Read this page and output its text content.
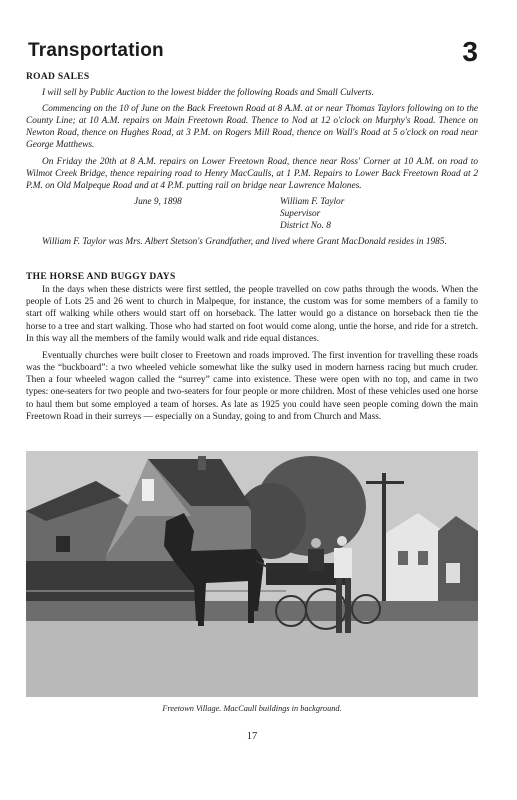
Transportation	3

ROAD SALES

I will sell by Public Auction to the lowest bidder the following Roads and Small Culverts.

Commencing on the 10 of June on the Back Freetown Road at 8 A.M. at or near Thomas Taylors following on to the County Line; at 10 A.M. repairs on Main Freetown Road. Thence to Nod at 12 o'clock on Murphy's Road. Thence on Newton Road, thence on Hughes Road, at 3 P.M. on Rogers Mill Road, thence on Wall's Road at 5 o'clock on road near George Matthews.

On Friday the 20th at 8 A.M. repairs on Lower Freetown Road, thence near Ross' Corner at 10 A.M. on road to Wilmot Creek Bridge, thence repairing road to Henry MacCaulls, at 1 P.M. Repairs to Lower Back Freetown Road at 2 P.M. on Old Malpeque Road and at 4 P.M. putting rail on bridge near Lawrence Malones.

June 9, 1898	William F. Taylor
Supervisor
District No. 8

William F. Taylor was Mrs. Albert Stetson's Grandfather, and lived where Grant MacDonald resides in 1985.

THE HORSE AND BUGGY DAYS

In the days when these districts were first settled, the people travelled on cow paths through the woods. When the people of Lots 25 and 26 went to church in Malpeque, for instance, the custom was for some members of a family to start off walking while others would start off on horseback. The latter would go a distance on horseback then tie the horse to a tree and start walking. Those who had started on foot would come along, untie the horse, and ride for a stretch. In this way all the members of the family would walk and ride equal distances.

Eventually churches were built closer to Freetown and roads improved. The first invention for travelling these roads was the “buckboard”: a two wheeled vehicle somewhat like the sulky used in modern harness racing but much cruder. Then a four wheeled wagon called the “surrey” came into existence. These were open with no top, and came in two types: one-seaters for two people and two-seaters for four people or more children. Most of these vehicles used one horse to haul them but some employed a team of horses. As late as 1925 you could have seen people coming down the main Freetown Road in their surreys — especially on a Sunday, going to and from Church and Mass.

Freetown Village. MacCaull buildings in background.
17
